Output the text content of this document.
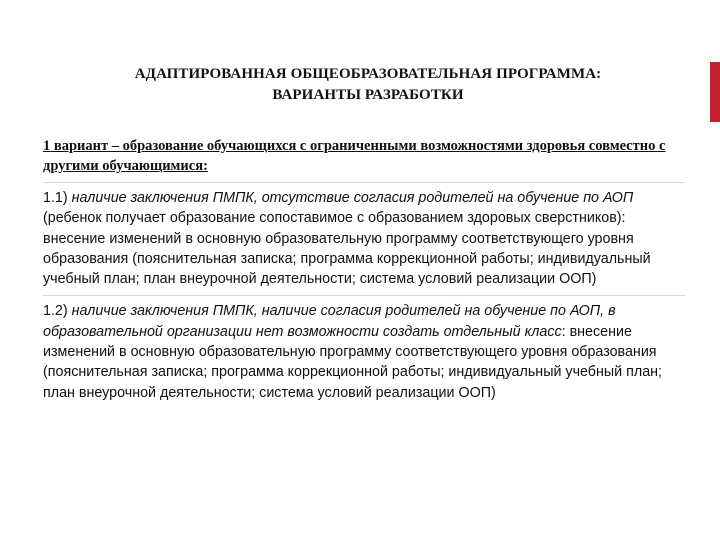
АДАПТИРОВАННАЯ ОБЩЕОБРАЗОВАТЕЛЬНАЯ ПРОГРАММА:
ВАРИАНТЫ РАЗРАБОТКИ

1 вариант – образование обучающихся с ограниченными возможностями здоровья совместно с другими обучающимися:

1.1) наличие заключения ПМПК, отсутствие согласия родителей на обучение по АОП (ребенок получает образование сопоставимое с образованием здоровых сверстников): внесение изменений в основную образовательную программу соответствующего уровня образования (пояснительная записка; программа коррекционной работы; индивидуальный учебный план; план внеурочной деятельности; система условий реализации ООП)

1.2) наличие заключения ПМПК, наличие согласия родителей на обучение по АОП, в образовательной организации нет возможности создать отдельный класс: внесение изменений в основную образовательную программу соответствующего уровня образования (пояснительная записка; программа коррекционной работы; индивидуальный учебный план; план внеурочной деятельности; система условий реализации ООП)
